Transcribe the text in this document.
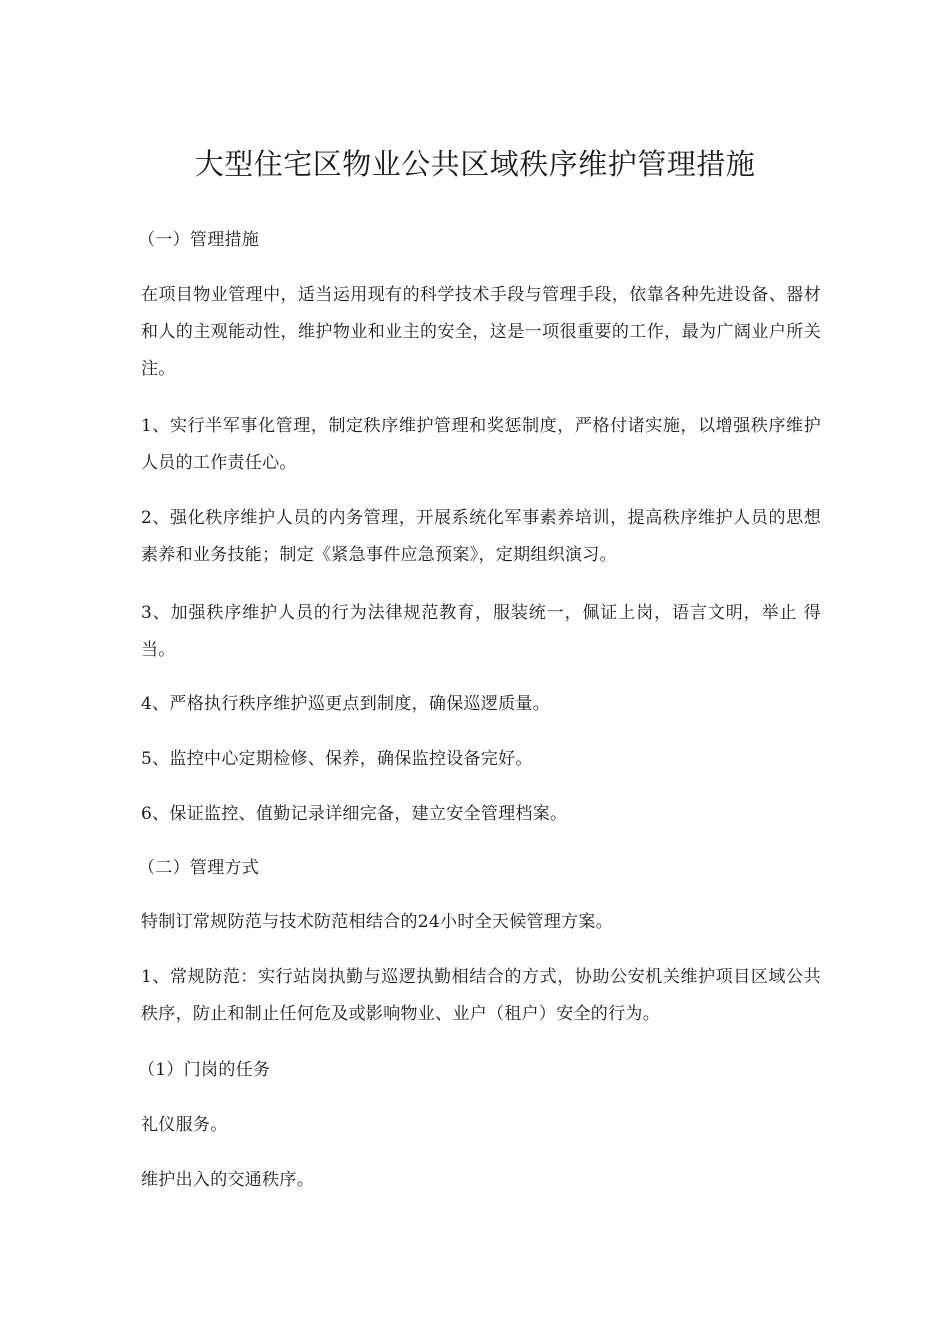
大型住宅区物业公共区域秩序维护管理措施

（一）管理措施

在项目物业管理中，适当运用现有的科学技术手段与管理手段，依靠各种先进设备、器材和人的主观能动性，维护物业和业主的安全，这是一项很重要的工作，最为广阔业户所关注。

1、实行半军事化管理，制定秩序维护管理和奖惩制度，严格付诸实施，以增强秩序维护人员的工作责任心。

2、强化秩序维护人员的内务管理，开展系统化军事素养培训，提高秩序维护人员的思想素养和业务技能；制定《紧急事件应急预案》，定期组织演习。

3、加强秩序维护人员的行为法律规范教育，服装统一，佩证上岗，语言文明，举止 得当。

4、严格执行秩序维护巡更点到制度，确保巡逻质量。

5、监控中心定期检修、保养，确保监控设备完好。

6、保证监控、值勤记录详细完备，建立安全管理档案。

（二）管理方式

特制订常规防范与技术防范相结合的24小时全天候管理方案。

1、常规防范：实行站岗执勤与巡逻执勤相结合的方式，协助公安机关维护项目区域公共秩序，防止和制止任何危及或影响物业、业户（租户）安全的行为。

（1）门岗的任务

礼仪服务。

维护出入的交通秩序。
